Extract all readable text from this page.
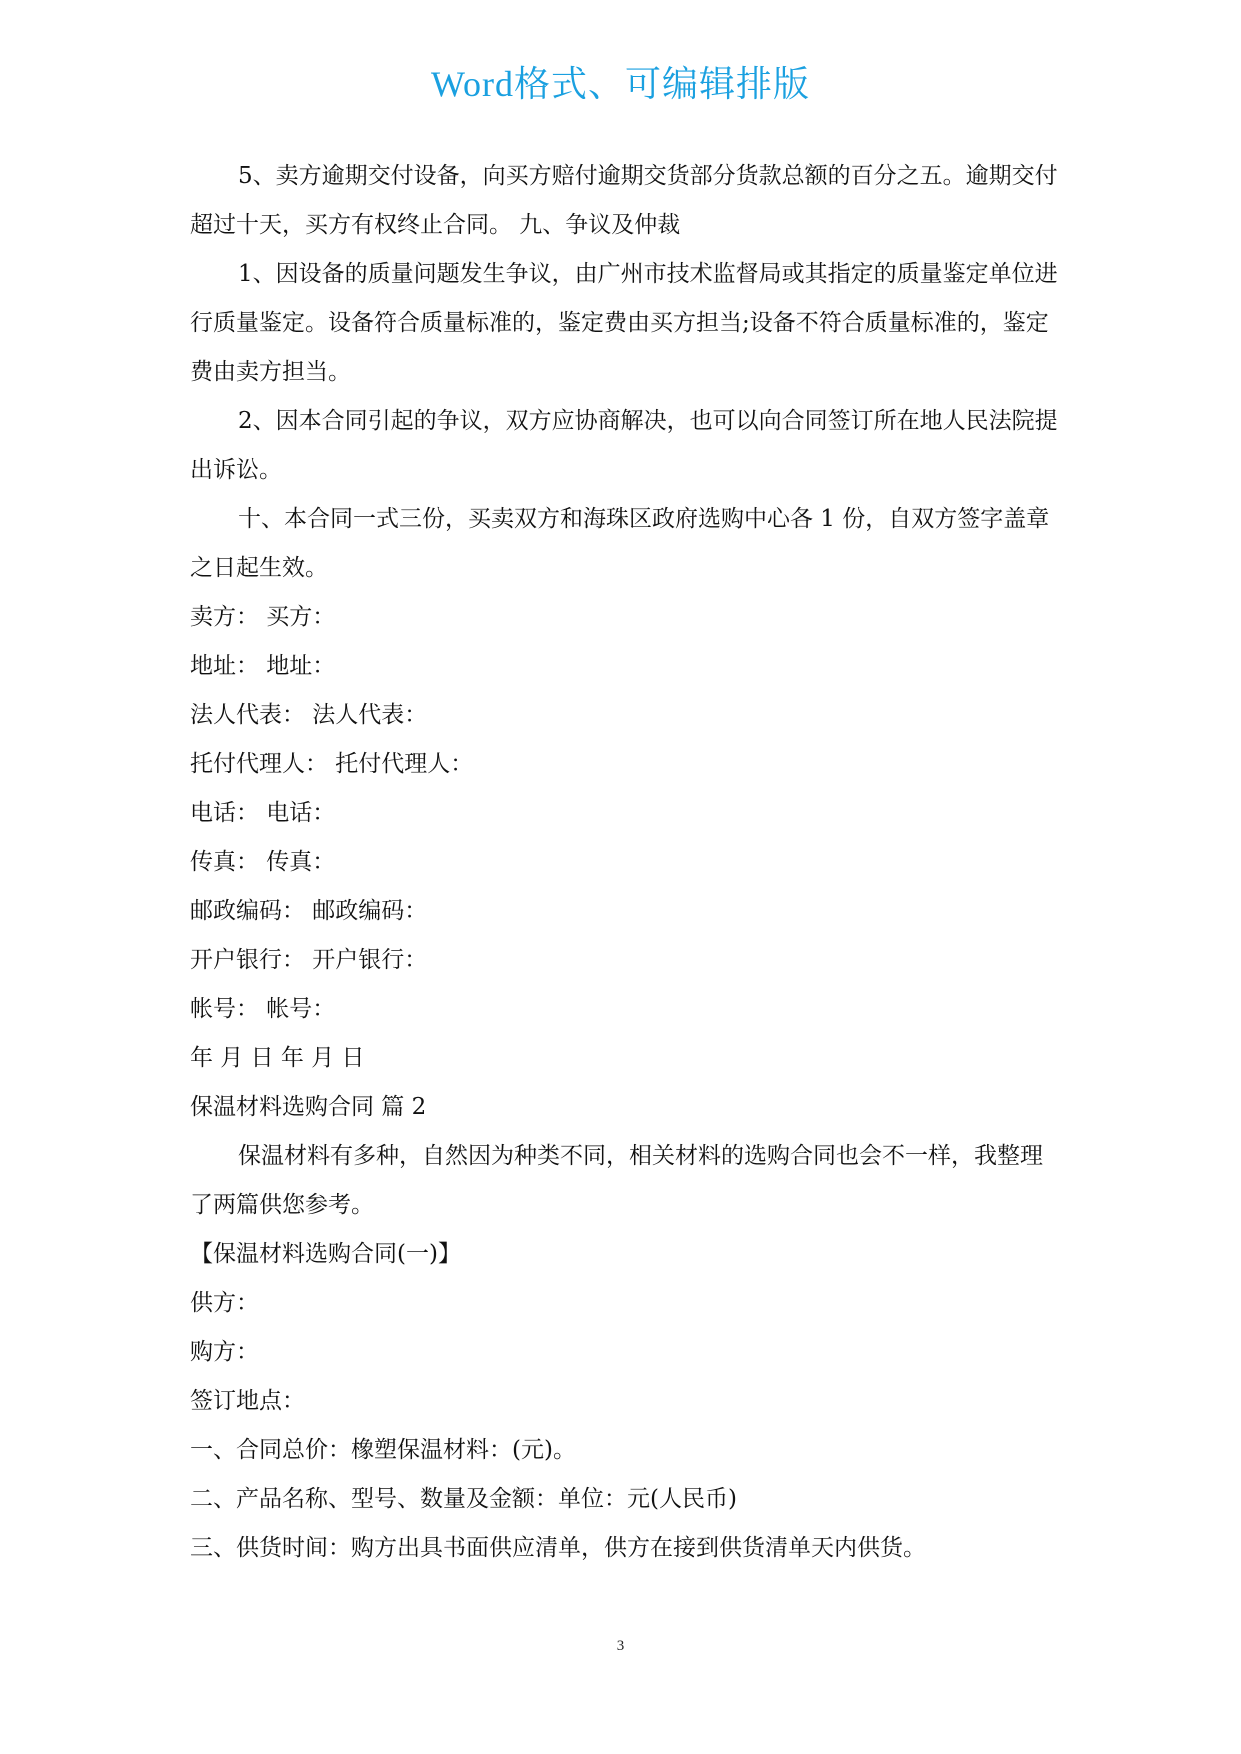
Word格式、可编辑排版

5、卖方逾期交付设备，向买方赔付逾期交货部分货款总额的百分之五。逾期交付超过十天，买方有权终止合同。 九、争议及仲裁

1、因设备的质量问题发生争议，由广州市技术监督局或其指定的质量鉴定单位进行质量鉴定。设备符合质量标准的，鉴定费由买方担当;设备不符合质量标准的，鉴定费由卖方担当。

2、因本合同引起的争议，双方应协商解决，也可以向合同签订所在地人民法院提出诉讼。

十、本合同一式三份，买卖双方和海珠区政府选购中心各 1 份，自双方签字盖章之日起生效。

卖方： 买方：

地址： 地址：

法人代表： 法人代表：

托付代理人： 托付代理人：

电话： 电话：

传真： 传真：

邮政编码： 邮政编码：

开户银行： 开户银行：

帐号： 帐号：

年 月 日 年 月 日

保温材料选购合同 篇 2

保温材料有多种，自然因为种类不同，相关材料的选购合同也会不一样，我整理了两篇供您参考。

【保温材料选购合同(一)】

供方：

购方：

签订地点：

一、合同总价：橡塑保温材料：(元)。

二、产品名称、型号、数量及金额：单位：元(人民币)

三、供货时间：购方出具书面供应清单，供方在接到供货清单天内供货。

3
